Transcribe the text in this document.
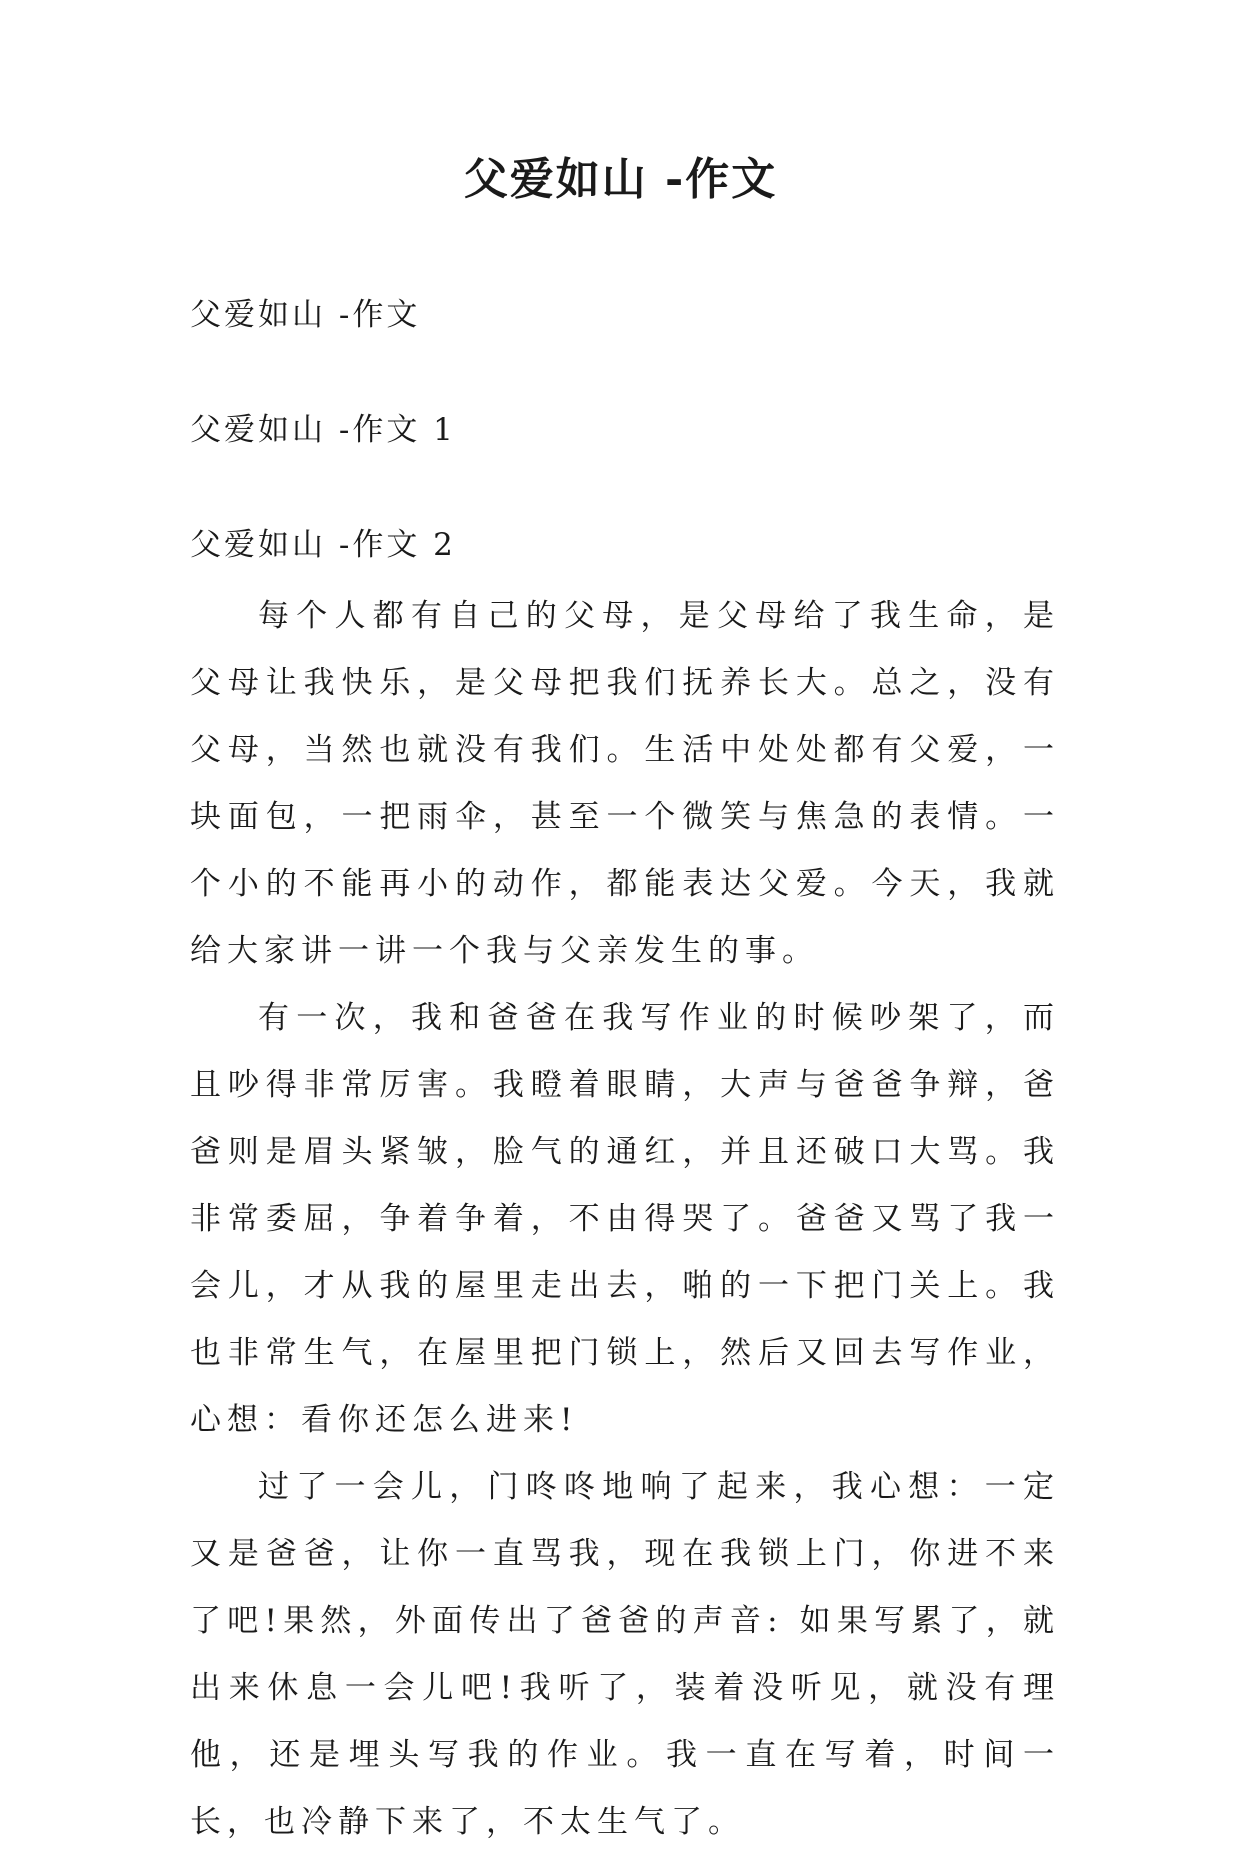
父爱如山 -作文

父爱如山 -作文

父爱如山 -作文 1

父爱如山 -作文 2

每个人都有自己的父母，是父母给了我生命，是父母让我快乐，是父母把我们抚养长大。总之，没有父母，当然也就没有我们。生活中处处都有父爱，一块面包，一把雨伞，甚至一个微笑与焦急的表情。一个小的不能再小的动作，都能表达父爱。今天，我就给大家讲一讲一个我与父亲发生的事。

有一次，我和爸爸在我写作业的时候吵架了，而且吵得非常厉害。我瞪着眼睛，大声与爸爸争辩，爸爸则是眉头紧皱，脸气的通红，并且还破口大骂。我非常委屈，争着争着，不由得哭了。爸爸又骂了我一会儿，才从我的屋里走出去，啪的一下把门关上。我也非常生气，在屋里把门锁上，然后又回去写作业，心想：看你还怎么进来!

过了一会儿，门咚咚地响了起来，我心想：一定又是爸爸，让你一直骂我，现在我锁上门，你进不来了吧!果然，外面传出了爸爸的声音: 如果写累了，就出来休息一会儿吧!我听了，装着没听见，就没有理他，还是埋头写我的作业。我一直在写着，时间一长，也冷静下来了，不太生气了。
